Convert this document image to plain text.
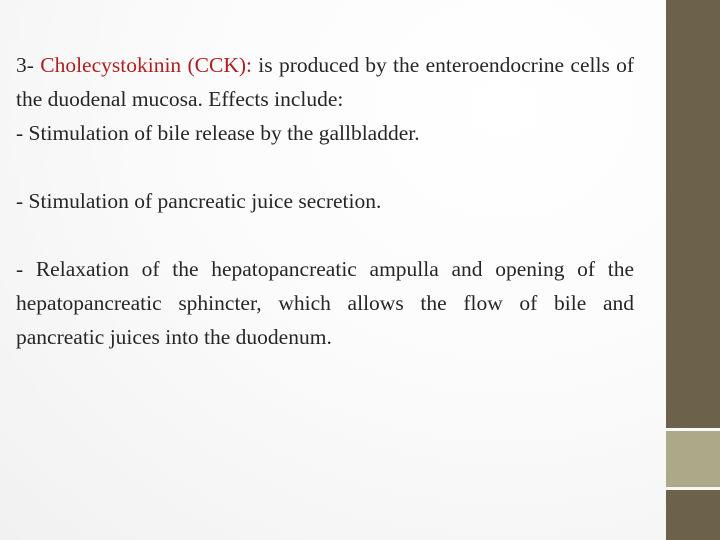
3- Cholecystokinin (CCK): is produced by the enteroendocrine cells of the duodenal mucosa. Effects include:

- Stimulation of bile release by the gallbladder.

- Stimulation of pancreatic juice secretion.

- Relaxation of the hepatopancreatic ampulla and opening of the hepatopancreatic sphincter, which allows the flow of bile and pancreatic juices into the duodenum.
